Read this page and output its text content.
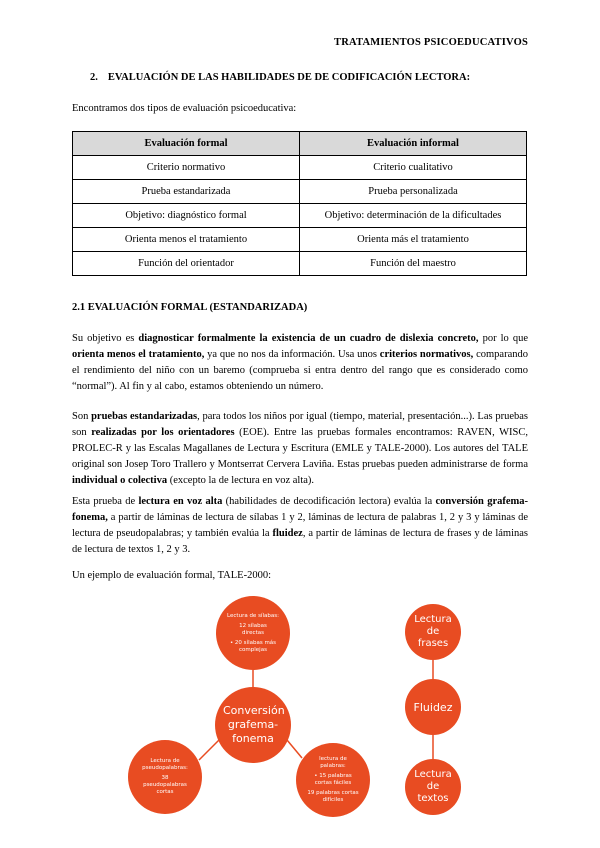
TRATAMIENTOS PSICOEDUCATIVOS
2. EVALUACIÓN DE LAS HABILIDADES DE DE CODIFICACIÓN LECTORA:
Encontramos dos tipos de evaluación psicoeducativa:
Evaluación formal	Evaluación informal
Criterio normativo	Criterio cualitativo
Prueba estandarizada	Prueba personalizada
Objetivo: diagnóstico formal	Objetivo: determinación de la dificultades
Orienta menos el tratamiento	Orienta más el tratamiento
Función del orientador	Función del maestro
2.1 EVALUACIÓN FORMAL (ESTANDARIZADA)
Su objetivo es diagnosticar formalmente la existencia de un cuadro de dislexia concreto, por lo que orienta menos el tratamiento, ya que no nos da información. Usa unos criterios normativos, comparando el rendimiento del niño con un baremo (comprueba si entra dentro del rango que es considerado como “normal”). Al fin y al cabo, estamos obteniendo un número.
Son pruebas estandarizadas, para todos los niños por igual (tiempo, material, presentación...). Las pruebas son realizadas por los orientadores (EOE). Entre las pruebas formales encontramos: RAVEN, WISC, PROLEC-R y las Escalas Magallanes de Lectura y Escritura (EMLE y TALE-2000). Los autores del TALE original son Josep Toro Trallero y Montserrat Cervera Laviña. Estas pruebas pueden administrarse de forma individual o colectiva (excepto la de lectura en voz alta).
Esta prueba de lectura en voz alta (habilidades de decodificación lectora) evalúa la conversión grafema-fonema, a partir de láminas de lectura de sílabas 1 y 2, láminas de lectura de palabras 1, 2 y 3 y láminas de lectura de pseudopalabras; y también evalúa la fluidez, a partir de láminas de lectura de frases y de láminas de lectura de textos 1, 2 y 3.
Un ejemplo de evaluación formal, TALE-2000:
Lectura de sílabas:
12 sílabas directas
• 20 sílabas más complejas
Conversión grafema-fonema
Lectura de pseudopalabras:
38 pseudopalabras cortas
lectura de palabras:
• 15 palabras cortas fáciles
19 palabras cortas difíciles
Lectura de frases
Fluidez
Lectura de textos
